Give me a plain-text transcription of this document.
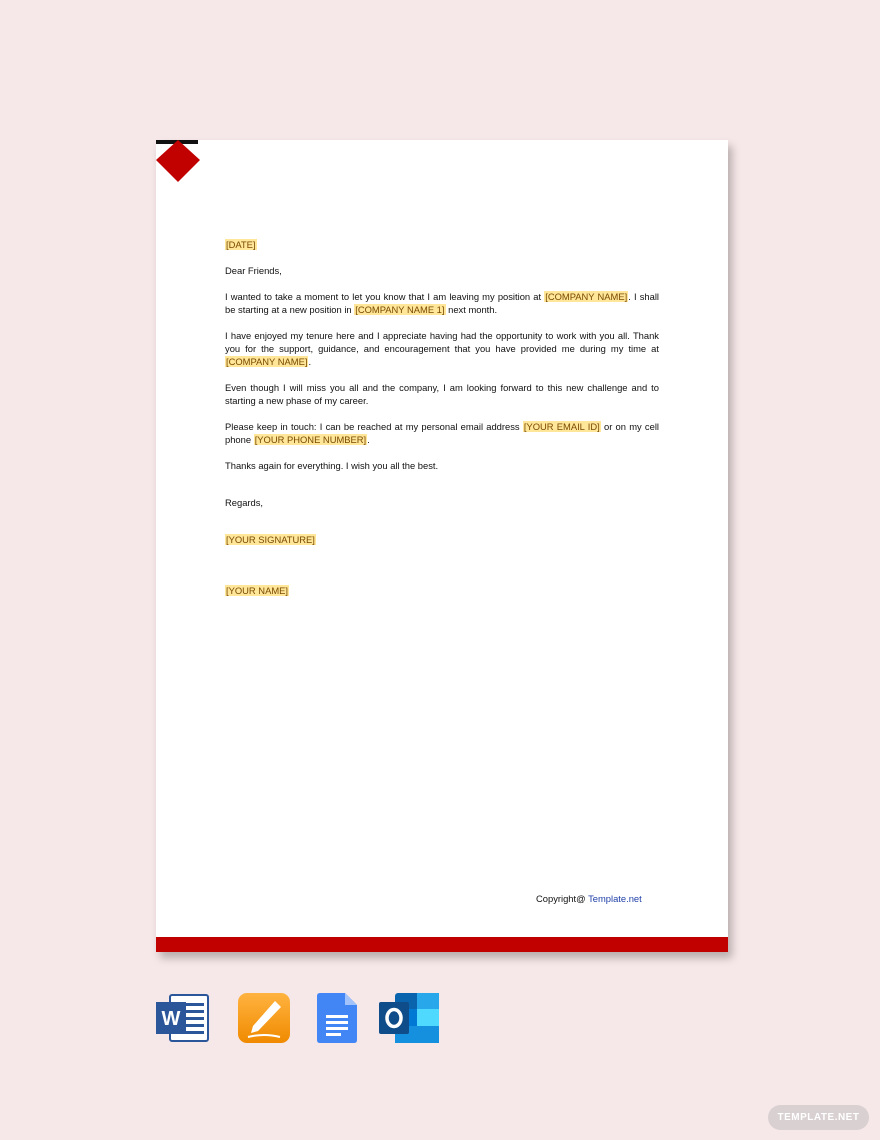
[DATE]

Dear Friends,

I wanted to take a moment to let you know that I am leaving my position at [COMPANY NAME]. I shall be starting at a new position in [COMPANY NAME 1] next month.

I have enjoyed my tenure here and I appreciate having had the opportunity to work with you all. Thank you for the support, guidance, and encouragement that you have provided me during my time at [COMPANY NAME].

Even though I will miss you all and the company, I am looking forward to this new challenge and to starting a new phase of my career.

Please keep in touch: I can be reached at my personal email address [YOUR EMAIL ID] or on my cell phone [YOUR PHONE NUMBER].

Thanks again for everything. I wish you all the best.

Regards,

[YOUR SIGNATURE]

[YOUR NAME]

Copyright@ Template.net
W
TEMPLATE.NET
